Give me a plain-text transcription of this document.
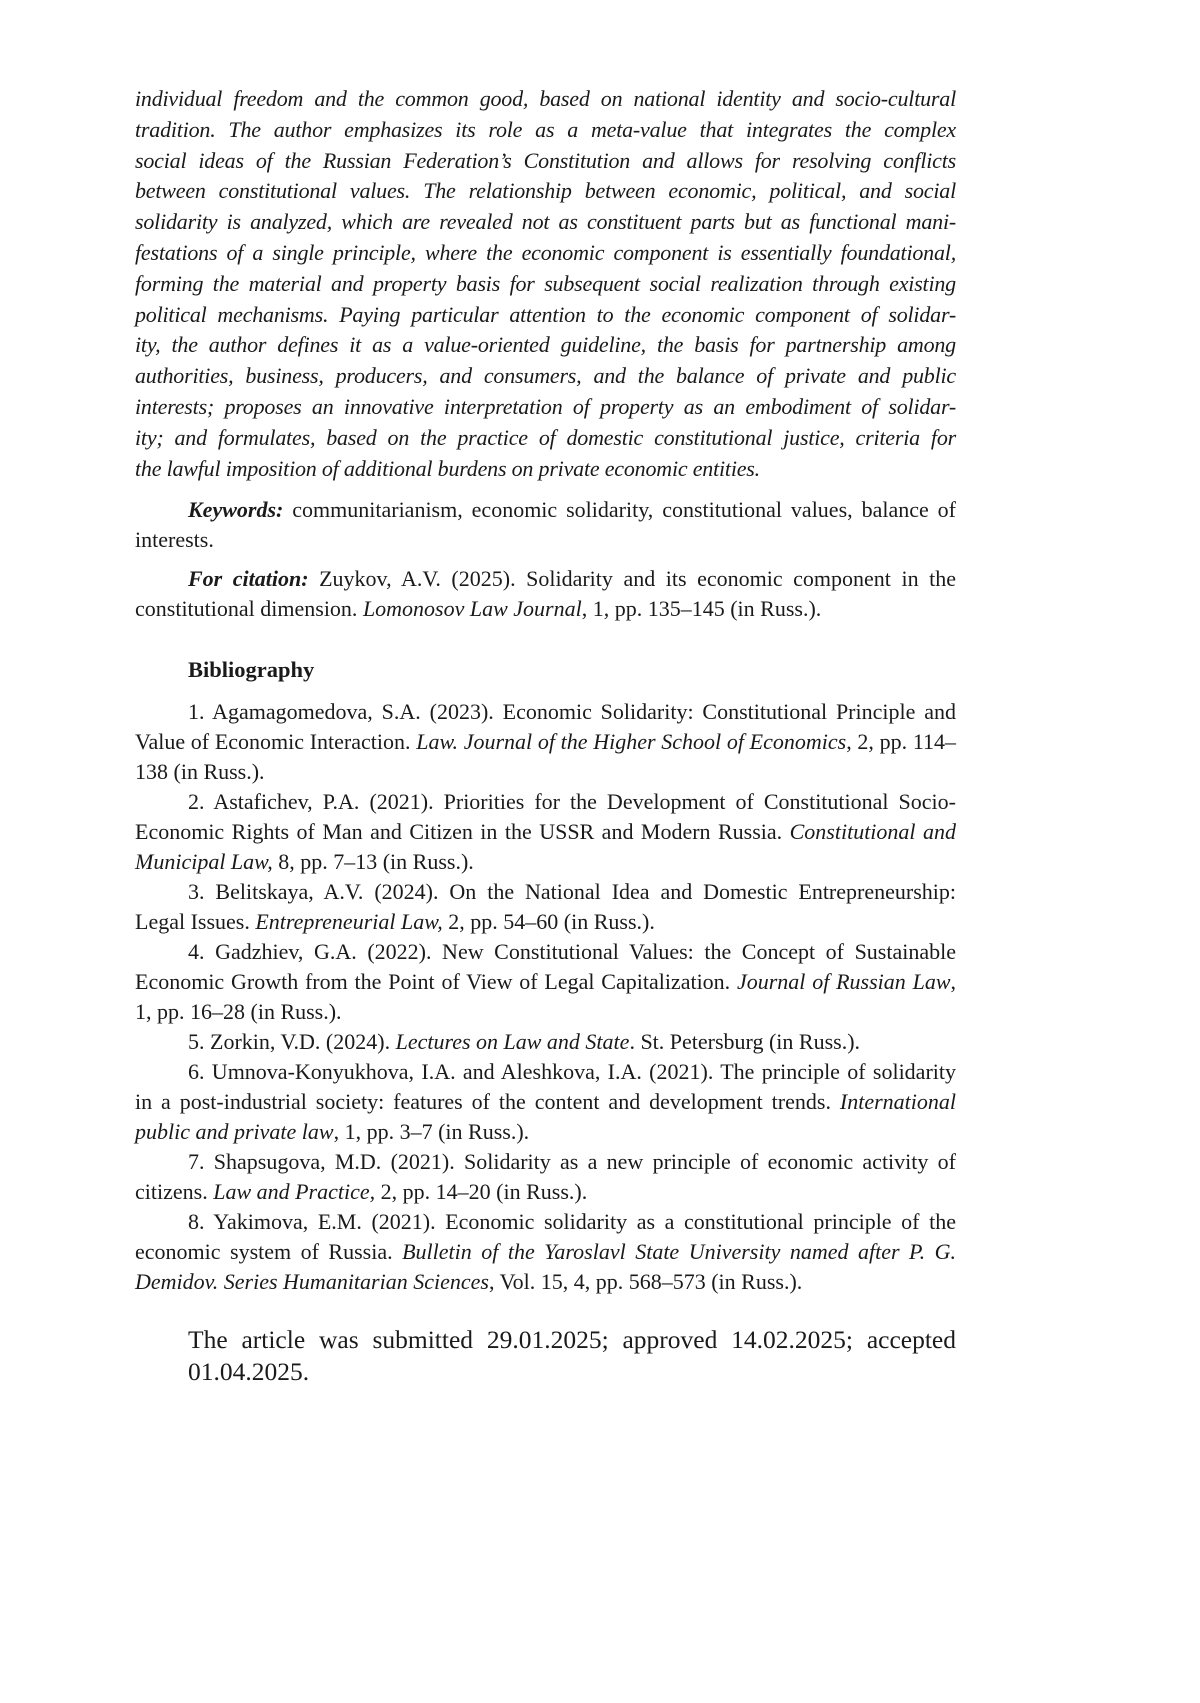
individual freedom and the common good, based on national identity and socio-cultural
tradition. The author emphasizes its role as a meta-value that integrates the complex
social ideas of the Russian Federation’s Constitution and allows for resolving conflicts
between constitutional values. The relationship between economic, political, and social
solidarity is analyzed, which are revealed not as constituent parts but as functional mani-
festations of a single principle, where the economic component is essentially foundational,
forming the material and property basis for subsequent social realization through existing
political mechanisms. Paying particular attention to the economic component of solidar-
ity, the author defines it as a value-oriented guideline, the basis for partnership among
authorities, business, producers, and consumers, and the balance of private and public
interests; proposes an innovative interpretation of property as an embodiment of solidar-
ity; and formulates, based on the practice of domestic constitutional justice, criteria for
the lawful imposition of additional burdens on private economic entities.

Keywords: communitarianism, economic solidarity, constitutional values, balance of interests.

For citation: Zuykov, A.V. (2025). Solidarity and its economic component in the constitutional dimension. Lomonosov Law Journal, 1, pp. 135–145 (in Russ.).

Bibliography

1. Agamagomedova, S.A. (2023). Economic Solidarity: Constitutional Principle and Value of Economic Interaction. Law. Journal of the Higher School of Economics, 2, pp. 114–138 (in Russ.).

2. Astafichev, P.A. (2021). Priorities for the Development of Constitutional Socio-Economic Rights of Man and Citizen in the USSR and Modern Russia. Constitutional and Municipal Law, 8, pp. 7–13 (in Russ.).

3. Belitskaya, A.V. (2024). On the National Idea and Domestic Entrepreneurship: Legal Issues. Entrepreneurial Law, 2, pp. 54–60 (in Russ.).

4. Gadzhiev, G.A. (2022). New Constitutional Values: the Concept of Sustainable Economic Growth from the Point of View of Legal Capitalization. Journal of Russian Law, 1, pp. 16–28 (in Russ.).

5. Zorkin, V.D. (2024). Lectures on Law and State. St. Petersburg (in Russ.).

6. Umnova-Konyukhova, I.A. and Aleshkova, I.A. (2021). The principle of solidarity in a post-industrial society: features of the content and development trends. International public and private law, 1, pp. 3–7 (in Russ.).

7. Shapsugova, M.D. (2021). Solidarity as a new principle of economic activity of citizens. Law and Practice, 2, pp. 14–20 (in Russ.).

8. Yakimova, E.M. (2021). Economic solidarity as a constitutional principle of the economic system of Russia. Bulletin of the Yaroslavl State University named after P. G. Demidov. Series Humanitarian Sciences, Vol. 15, 4, pp. 568–573 (in Russ.).

The article was submitted 29.01.2025; approved 14.02.2025; accepted 01.04.2025.
